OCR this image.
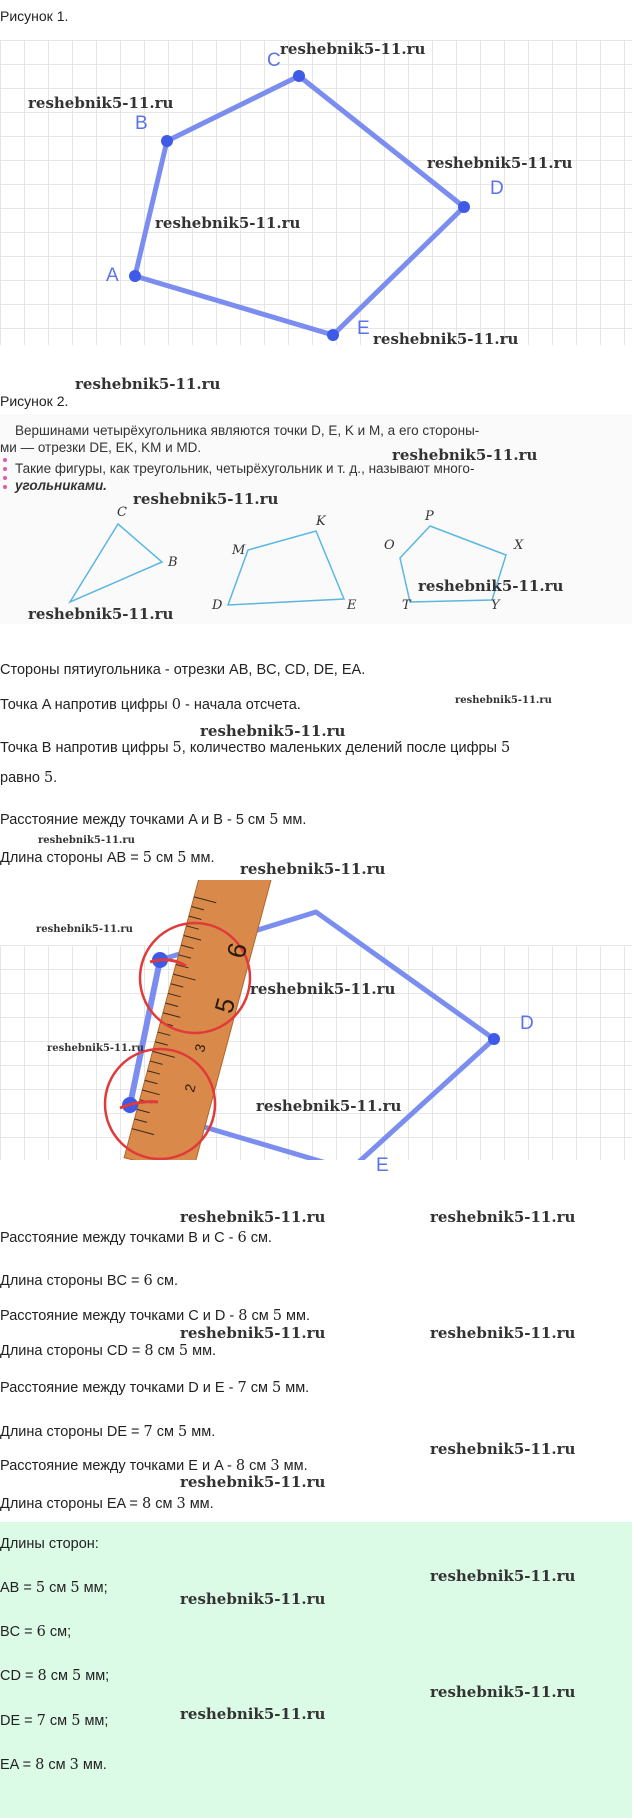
Рисунок 1.
A
B
C
D
E
reshebnik5-11.ru
reshebnik5-11.ru
reshebnik5-11.ru
reshebnik5-11.ru
reshebnik5-11.ru
reshebnik5-11.ru
Рисунок 2.
Вершинами четырёхугольника являются точки D, E, K и M, а его стороны-
ми — отрезки DE, EK, KM и MD.
Такие фигуры, как треугольник, четырёхугольник и т. д., называют много-
угольниками.
C
B
M
K
D	E
P
O	X
T	Y
reshebnik5-11.ru
reshebnik5-11.ru
reshebnik5-11.ru
reshebnik5-11.ru
Стороны пятиугольника - отрезки AB, BC, CD, DE, EA.
Точка A напротив цифры 0 - начала отсчета.	reshebnik5-11.ru
reshebnik5-11.ru
Точка B напротив цифры 5, количество маленьких делений после цифры 5
равно 5.
Расстояние между точками A и B - 5 см 5 мм.
reshebnik5-11.ru
Длина стороны AB = 5 см 5 мм.
reshebnik5-11.ru
6
5
3
2
D
E
reshebnik5-11.ru
reshebnik5-11.ru
reshebnik5-11.ru
reshebnik5-11.ru
reshebnik5-11.ru	reshebnik5-11.ru
Расстояние между точками B и C - 6 см.
Длина стороны BC = 6 см.
Расстояние между точками C и D - 8 см 5 мм.
reshebnik5-11.ru	reshebnik5-11.ru
Длина стороны CD = 8 см 5 мм.
Расстояние между точками D и E - 7 см 5 мм.
Длина стороны DE = 7 см 5 мм.
reshebnik5-11.ru
Расстояние между точками E и A - 8 см 3 мм.
reshebnik5-11.ru
Длина стороны EA = 8 см 3 мм.
Длины сторон:
reshebnik5-11.ru
AB = 5 см 5 мм;
reshebnik5-11.ru
BC = 6 см;
CD = 8 см 5 мм;
reshebnik5-11.ru
reshebnik5-11.ru
DE = 7 см 5 мм;
EA = 8 см 3 мм.
